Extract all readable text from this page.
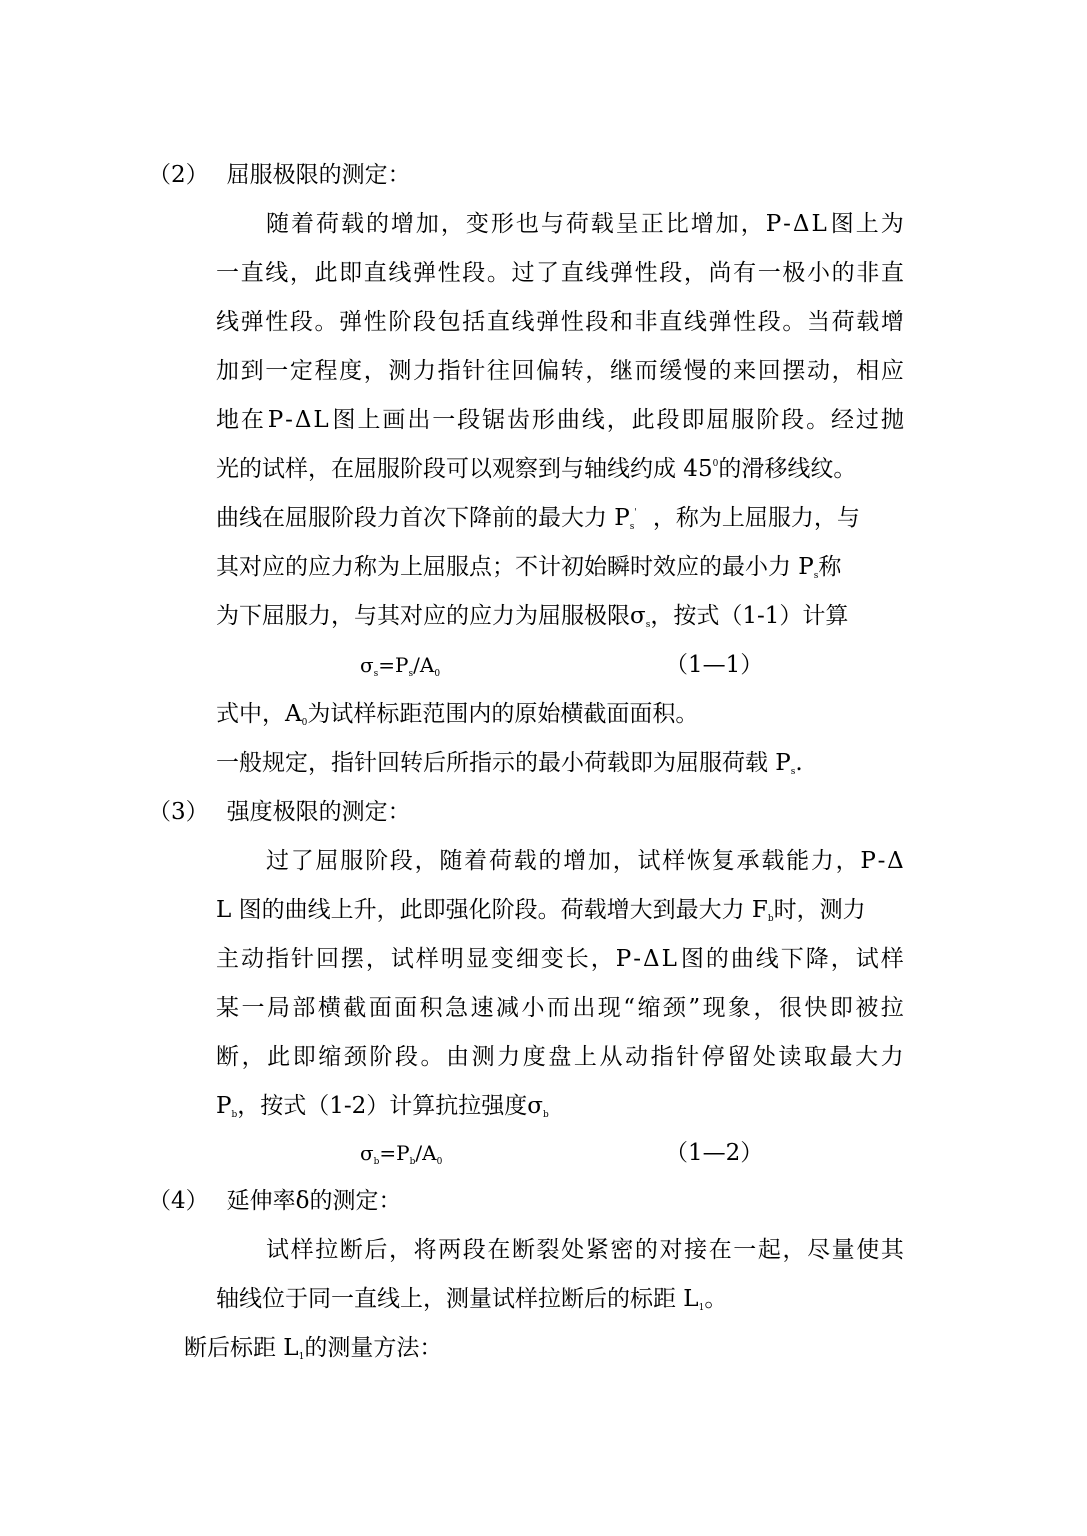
（2） 屈服极限的测定：
随 着 荷 载 的 增 加 ， 变 形 也 与 荷 载 呈 正 比 增 加 ， P - Δ L 图 上 为
一 直 线 ， 此 即 直 线 弹 性 段 。 过 了 直 线 弹 性 段 ， 尚 有 一 极 小 的 非 直
线 弹 性 段 。 弹 性 阶 段 包 括 直 线 弹 性 段 和 非 直 线 弹 性 段 。 当 荷 载 增
加 到 一 定 程 度 ， 测 力 指 针 往 回 偏 转 ， 继 而 缓 慢 的 来 回 摆 动 ， 相 应
地 在 P - Δ L 图 上 画 出 一 段 锯 齿 形 曲 线 ， 此 段 即 屈 服 阶 段 。 经 过 抛
光的试样，在屈服阶段可以观察到与轴线约成 $45^0$的滑移线纹。
曲线在屈服阶段力首次下降前的最大力 $P_s'$ ，称为上屈服力，与
其对应的应力称为上屈服点；不计初始瞬时效应的最小力 $P_s$称
为下屈服力，与其对应的应力为屈服极限$\sigma_s$，按式（1-1）计算
$\sigma_s=P_s/A_0$	（1—1）
式中，$A_0$为试样标距范围内的原始横截面面积。
一般规定，指针回转后所指示的最小荷载即为屈服荷载 $P_s$.
（3） 强度极限的测定：
过 了 屈 服 阶 段 ， 随 着 荷 载 的 增 加 ， 试 样 恢 复 承 载 能 力 ， P - Δ
L 图的曲线上升，此即强化阶段。荷载增大到最大力 $F_b$时，测力
主 动 指 针 回 摆 ， 试 样 明 显 变 细 变 长 ， P - Δ L 图 的 曲 线 下 降 ， 试 样
某 一 局 部 横 截 面 面 积 急 速 减 小 而 出 现 “ 缩 颈 ” 现 象 ， 很 快 即 被 拉
断 ， 此 即 缩 颈 阶 段 。 由 测 力 度 盘 上 从 动 指 针 停 留 处 读 取 最 大 力
$P_b$，按式（1-2）计算抗拉强度$\sigma_b$
$\sigma_b=P_b/A_0$	（1—2）
（4） 延伸率δ的测定：
试 样 拉 断 后 ， 将 两 段 在 断 裂 处 紧 密 的 对 接 在 一 起 ， 尽 量 使 其
轴线位于同一直线上，测量试样拉断后的标距 $L_1$。
断后标距 $L_1$的测量方法：
